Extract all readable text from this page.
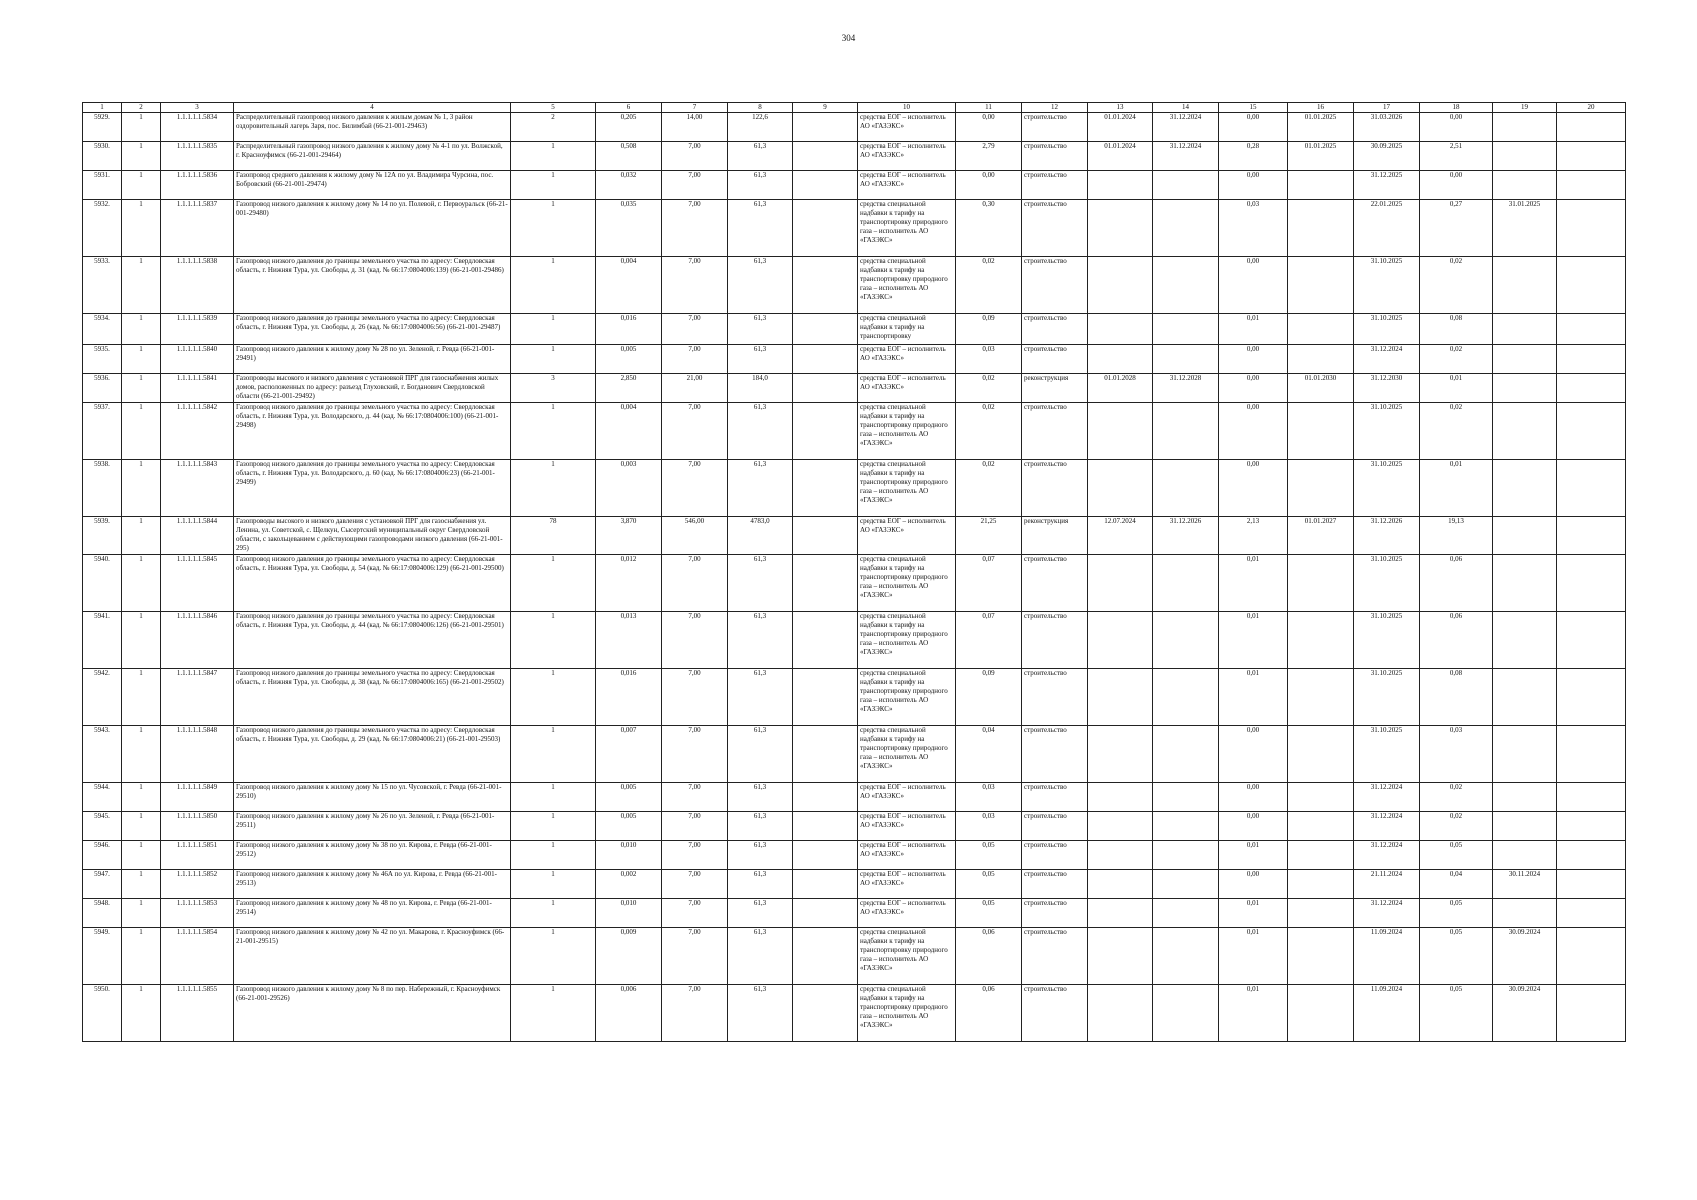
304
1	2	3	4	5	6	7	8	9	10	11	12	13	14	15	16	17	18	19	20
5929.	1	1.1.1.1.1.5834	Распределительный газопровод низкого давления к жилым домам № 1, 3 район оздоровительный лагерь Заря, пос. Билимбай (66-21-001-29463)	2	0,205	14,00	122,6		средства ЕОГ – исполнитель АО «ГАЗЭКС»	0,00	строительство	01.01.2024	31.12.2024	0,00	01.01.2025	31.03.2026	0,00		
5930.	1	1.1.1.1.1.5835	Распределительный газопровод низкого давления к жилому дому № 4-1 по ул. Волжской, г. Красноуфимск (66-21-001-29464)	1	0,508	7,00	61,3		средства ЕОГ – исполнитель АО «ГАЗЭКС»	2,79	строительство	01.01.2024	31.12.2024	0,28	01.01.2025	30.09.2025	2,51		
5931.	1	1.1.1.1.1.5836	Газопровод среднего давления к жилому дому № 12А по ул. Владимира Чурсина, пос. Бобровский (66-21-001-29474)	1	0,032	7,00	61,3		средства ЕОГ – исполнитель АО «ГАЗЭКС»	0,00	строительство			0,00		31.12.2025	0,00		
5932.	1	1.1.1.1.1.5837	Газопровод низкого давления к жилому дому № 14 по ул. Полевой, г. Первоуральск (66-21-001-29480)	1	0,035	7,00	61,3		средства специальной надбавки к тарифу на транспортировку природного газа – исполнитель АО «ГАЗЭКС»	0,30	строительство			0,03		22.01.2025	0,27	31.01.2025	
5933.	1	1.1.1.1.1.5838	Газопровод низкого давления до границы земельного участка по адресу: Свердловская область, г. Нижняя Тура, ул. Свободы, д. 31 (кад. № 66:17:0804006:139) (66-21-001-29486)	1	0,004	7,00	61,3		средства специальной надбавки к тарифу на транспортировку природного газа – исполнитель АО «ГАЗЭКС»	0,02	строительство			0,00		31.10.2025	0,02		
5934.	1	1.1.1.1.1.5839	Газопровод низкого давления до границы земельного участка по адресу: Свердловская область, г. Нижняя Тура, ул. Свободы, д. 26 (кад. № 66:17:0804006:56) (66-21-001-29487)	1	0,016	7,00	61,3		средства специальной надбавки к тарифу на транспортировку	0,09	строительство			0,01		31.10.2025	0,08		
5935.	1	1.1.1.1.1.5840	Газопровод низкого давления к жилому дому № 28 по ул. Зеленой, г. Ревда (66-21-001-29491)	1	0,005	7,00	61,3		средства ЕОГ – исполнитель АО «ГАЗЭКС»	0,03	строительство			0,00		31.12.2024	0,02		
5936.	1	1.1.1.1.1.5841	Газопроводы высокого и низкого давления с установкой ПРГ для газоснабжения жилых домов, расположенных по адресу: разъезд Глуховский, г. Богданович Свердловской области (66-21-001-29492)	3	2,850	21,00	184,0		средства ЕОГ – исполнитель АО «ГАЗЭКС»	0,02	реконструкция	01.01.2028	31.12.2028	0,00	01.01.2030	31.12.2030	0,01		
5937.	1	1.1.1.1.1.5842	Газопровод низкого давления до границы земельного участка по адресу: Свердловская область, г. Нижняя Тура, ул. Володарского, д. 44 (кад. № 66:17:0804006:100) (66-21-001-29498)	1	0,004	7,00	61,3		средства специальной надбавки к тарифу на транспортировку природного газа – исполнитель АО «ГАЗЭКС»	0,02	строительство			0,00		31.10.2025	0,02		
5938.	1	1.1.1.1.1.5843	Газопровод низкого давления до границы земельного участка по адресу: Свердловская область, г. Нижняя Тура, ул. Володарского, д. 60 (кад. № 66:17:0804006:23) (66-21-001-29499)	1	0,003	7,00	61,3		средства специальной надбавки к тарифу на транспортировку природного газа – исполнитель АО «ГАЗЭКС»	0,02	строительство			0,00		31.10.2025	0,01		
5939.	1	1.1.1.1.1.5844	Газопроводы высокого и низкого давления с установкой ПРГ для газоснабжения ул. Ленина, ул. Советской, с. Щелкун, Сысертский муниципальный округ Свердловской области, с закольцеванием с действующими газопроводами низкого давления (66-21-001-295)	78	3,870	546,00	4783,0		средства ЕОГ – исполнитель АО «ГАЗЭКС»	21,25	реконструкция	12.07.2024	31.12.2026	2,13	01.01.2027	31.12.2026	19,13		
5940.	1	1.1.1.1.1.5845	Газопровод низкого давления до границы земельного участка по адресу: Свердловская область, г. Нижняя Тура, ул. Свободы, д. 54 (кад. № 66:17:0804006:129) (66-21-001-29500)	1	0,012	7,00	61,3		средства специальной надбавки к тарифу на транспортировку природного газа – исполнитель АО «ГАЗЭКС»	0,07	строительство			0,01		31.10.2025	0,06		
5941.	1	1.1.1.1.1.5846	Газопровод низкого давления до границы земельного участка по адресу: Свердловская область, г. Нижняя Тура, ул. Свободы, д. 44 (кад. № 66:17:0804006:126) (66-21-001-29501)	1	0,013	7,00	61,3		средства специальной надбавки к тарифу на транспортировку природного газа – исполнитель АО «ГАЗЭКС»	0,07	строительство			0,01		31.10.2025	0,06		
5942.	1	1.1.1.1.1.5847	Газопровод низкого давления до границы земельного участка по адресу: Свердловская область, г. Нижняя Тура, ул. Свободы, д. 38 (кад. № 66:17:0804006:165) (66-21-001-29502)	1	0,016	7,00	61,3		средства специальной надбавки к тарифу на транспортировку природного газа – исполнитель АО «ГАЗЭКС»	0,09	строительство			0,01		31.10.2025	0,08		
5943.	1	1.1.1.1.1.5848	Газопровод низкого давления до границы земельного участка по адресу: Свердловская область, г. Нижняя Тура, ул. Свободы, д. 29 (кад. № 66:17:0804006:21) (66-21-001-29503)	1	0,007	7,00	61,3		средства специальной надбавки к тарифу на транспортировку природного газа – исполнитель АО «ГАЗЭКС»	0,04	строительство			0,00		31.10.2025	0,03		
5944.	1	1.1.1.1.1.5849	Газопровод низкого давления к жилому дому № 15 по ул. Чусовской, г. Ревда (66-21-001-29510)	1	0,005	7,00	61,3		средства ЕОГ – исполнитель АО «ГАЗЭКС»	0,03	строительство			0,00		31.12.2024	0,02		
5945.	1	1.1.1.1.1.5850	Газопровод низкого давления к жилому дому № 26 по ул. Зеленой, г. Ревда (66-21-001-29511)	1	0,005	7,00	61,3		средства ЕОГ – исполнитель АО «ГАЗЭКС»	0,03	строительство			0,00		31.12.2024	0,02		
5946.	1	1.1.1.1.1.5851	Газопровод низкого давления к жилому дому № 38 по ул. Кирова, г. Ревда (66-21-001-29512)	1	0,010	7,00	61,3		средства ЕОГ – исполнитель АО «ГАЗЭКС»	0,05	строительство			0,01		31.12.2024	0,05		
5947.	1	1.1.1.1.1.5852	Газопровод низкого давления к жилому дому № 46А по ул. Кирова, г. Ревда (66-21-001-29513)	1	0,002	7,00	61,3		средства ЕОГ – исполнитель АО «ГАЗЭКС»	0,05	строительство			0,00		21.11.2024	0,04	30.11.2024	
5948.	1	1.1.1.1.1.5853	Газопровод низкого давления к жилому дому № 48 по ул. Кирова, г. Ревда (66-21-001-29514)	1	0,010	7,00	61,3		средства ЕОГ – исполнитель АО «ГАЗЭКС»	0,05	строительство			0,01		31.12.2024	0,05		
5949.	1	1.1.1.1.1.5854	Газопровод низкого давления к жилому дому № 42 по ул. Макарова, г. Красноуфимск (66-21-001-29515)	1	0,009	7,00	61,3		средства специальной надбавки к тарифу на транспортировку природного газа – исполнитель АО «ГАЗЭКС»	0,06	строительство			0,01		11.09.2024	0,05	30.09.2024	
5950.	1	1.1.1.1.1.5855	Газопровод низкого давления к жилому дому № 8 по пер. Набережный, г. Красноуфимск (66-21-001-29526)	1	0,006	7,00	61,3		средства специальной надбавки к тарифу на транспортировку природного газа – исполнитель АО «ГАЗЭКС»	0,06	строительство			0,01		11.09.2024	0,05	30.09.2024	
